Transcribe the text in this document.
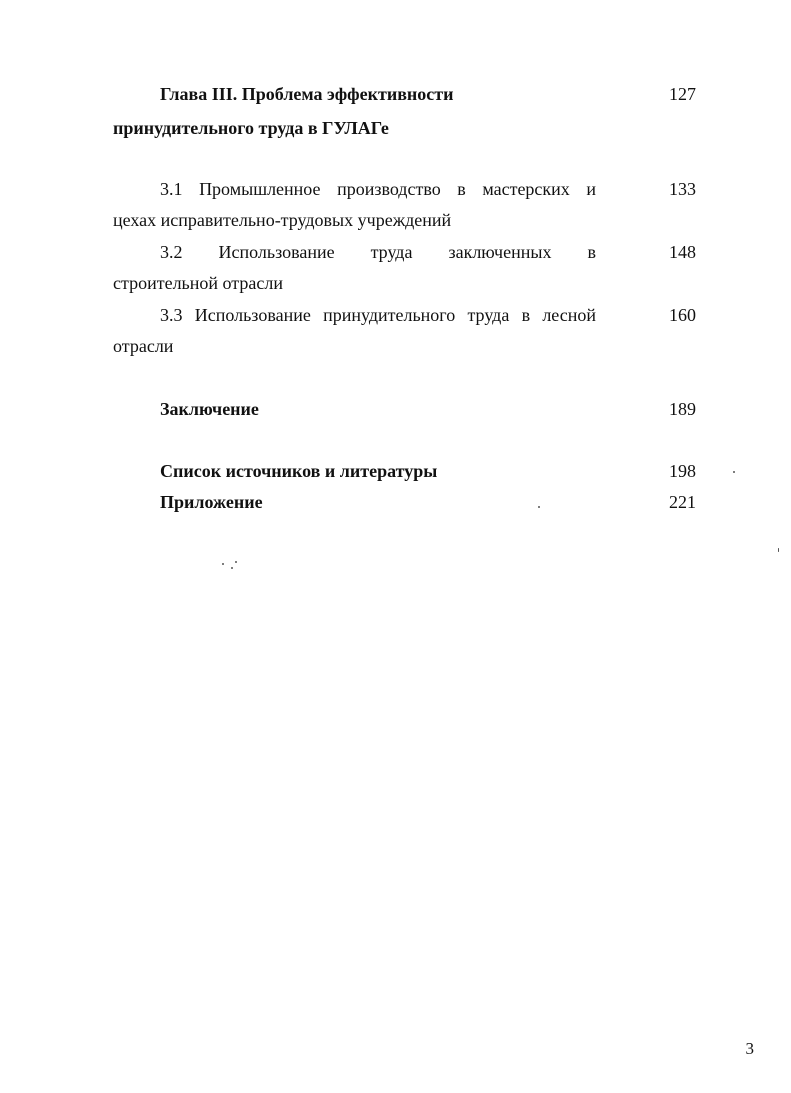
Глава III. Проблема эффективности	127
принудительного труда в ГУЛАГе
3.1 Промышленное производство в мастерских и	133
цехах исправительно-трудовых учреждений
3.2 Использование труда заключенных в	148
строительной отрасли
3.3 Использование принудительного труда в лесной	160
отрасли
Заключение	189
Список источников и литературы	198
Приложение	221
3
